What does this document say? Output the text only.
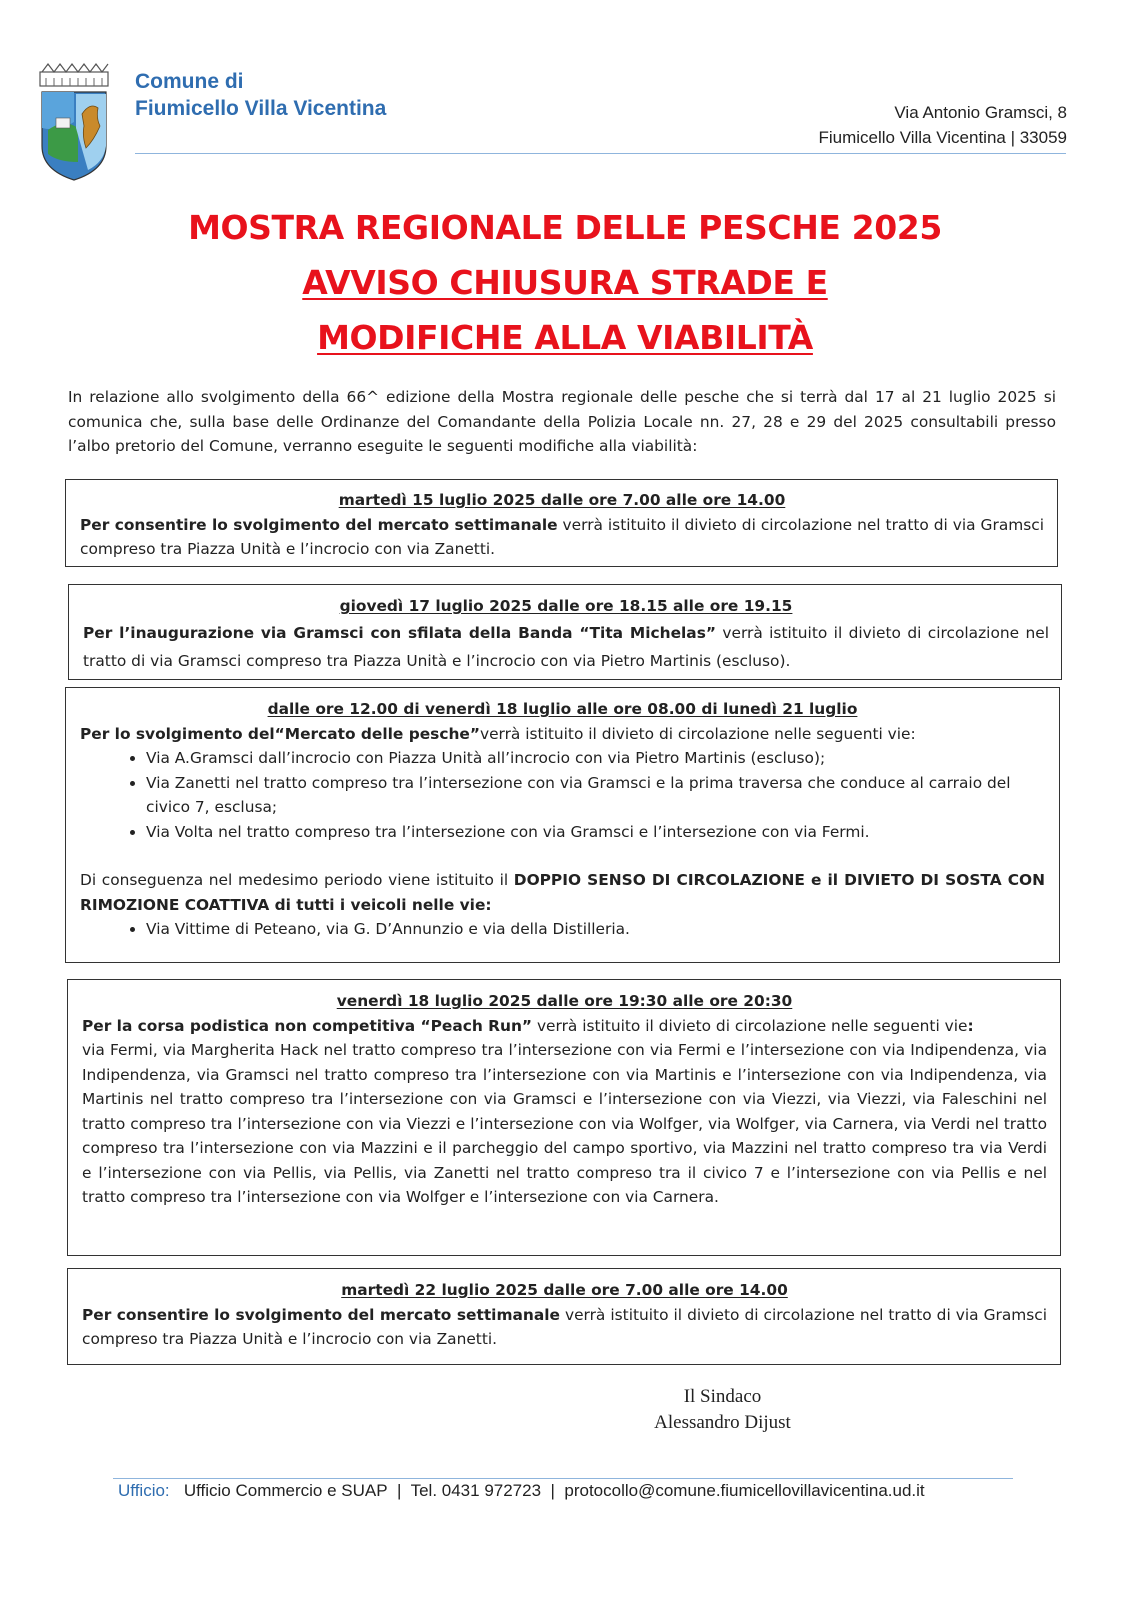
Comune di
Fiumicello Villa Vicentina	Via Antonio Gramsci, 8
Fiumicello Villa Vicentina | 33059
MOSTRA REGIONALE DELLE PESCHE 2025
AVVISO CHIUSURA STRADE E
MODIFICHE ALLA VIABILITÀ
In relazione allo svolgimento della 66^ edizione della Mostra regionale delle pesche che si terrà dal 17 al 21 luglio 2025 si comunica che, sulla base delle Ordinanze del Comandante della Polizia Locale nn. 27, 28 e 29 del 2025 consultabili presso l’albo pretorio del Comune, verranno eseguite le seguenti modifiche alla viabilità:
martedì 15 luglio 2025 dalle ore 7.00 alle ore 14.00
Per consentire lo svolgimento del mercato settimanale verrà istituito il divieto di circolazione nel tratto di via Gramsci compreso tra Piazza Unità e l’incrocio con via Zanetti.
giovedì 17 luglio 2025 dalle ore 18.15 alle ore 19.15
Per l’inaugurazione via Gramsci con sfilata della Banda “Tita Michelas” verrà istituito il divieto di circolazione nel tratto di via Gramsci compreso tra Piazza Unità e l’incrocio con via Pietro Martinis (escluso).
dalle ore 12.00 di venerdì 18 luglio alle ore 08.00 di lunedì 21 luglio
Per lo svolgimento del“Mercato delle pesche”verrà istituito il divieto di circolazione nelle seguenti vie:
• Via A.Gramsci dall’incrocio con Piazza Unità all’incrocio con via Pietro Martinis (escluso);
• Via Zanetti nel tratto compreso tra l’intersezione con via Gramsci e la prima traversa che conduce al carraio del civico 7, esclusa;
• Via Volta nel tratto compreso tra l’intersezione con via Gramsci e l’intersezione con via Fermi.
Di conseguenza nel medesimo periodo viene istituito il DOPPIO SENSO DI CIRCOLAZIONE e il DIVIETO DI SOSTA CON RIMOZIONE COATTIVA di tutti i veicoli nelle vie:
• Via Vittime di Peteano, via G. D’Annunzio e via della Distilleria.
venerdì 18 luglio 2025 dalle ore 19:30 alle ore 20:30
Per la corsa podistica non competitiva “Peach Run” verrà istituito il divieto di circolazione nelle seguenti vie:
via Fermi, via Margherita Hack nel tratto compreso tra l’intersezione con via Fermi e l’intersezione con via Indipendenza, via Indipendenza, via Gramsci nel tratto compreso tra l’intersezione con via Martinis e l’intersezione con via Indipendenza, via Martinis nel tratto compreso tra l’intersezione con via Gramsci e l’intersezione con via Viezzi, via Viezzi, via Faleschini nel tratto compreso tra l’intersezione con via Viezzi e l’intersezione con via Wolfger, via Wolfger, via Carnera, via Verdi nel tratto compreso tra l’intersezione con via Mazzini e il parcheggio del campo sportivo, via Mazzini nel tratto compreso tra via Verdi e l’intersezione con via Pellis, via Pellis, via Zanetti nel tratto compreso tra il civico 7 e l’intersezione con via Pellis e nel tratto compreso tra l’intersezione con via Wolfger e l’intersezione con via Carnera.
martedì 22 luglio 2025 dalle ore 7.00 alle ore 14.00
Per consentire lo svolgimento del mercato settimanale verrà istituito il divieto di circolazione nel tratto di via Gramsci compreso tra Piazza Unità e l’incrocio con via Zanetti.
Il Sindaco
Alessandro Dijust
Ufficio: Ufficio Commercio e SUAP | Tel. 0431 972723 | protocollo@comune.fiumicellovillavicentina.ud.it
